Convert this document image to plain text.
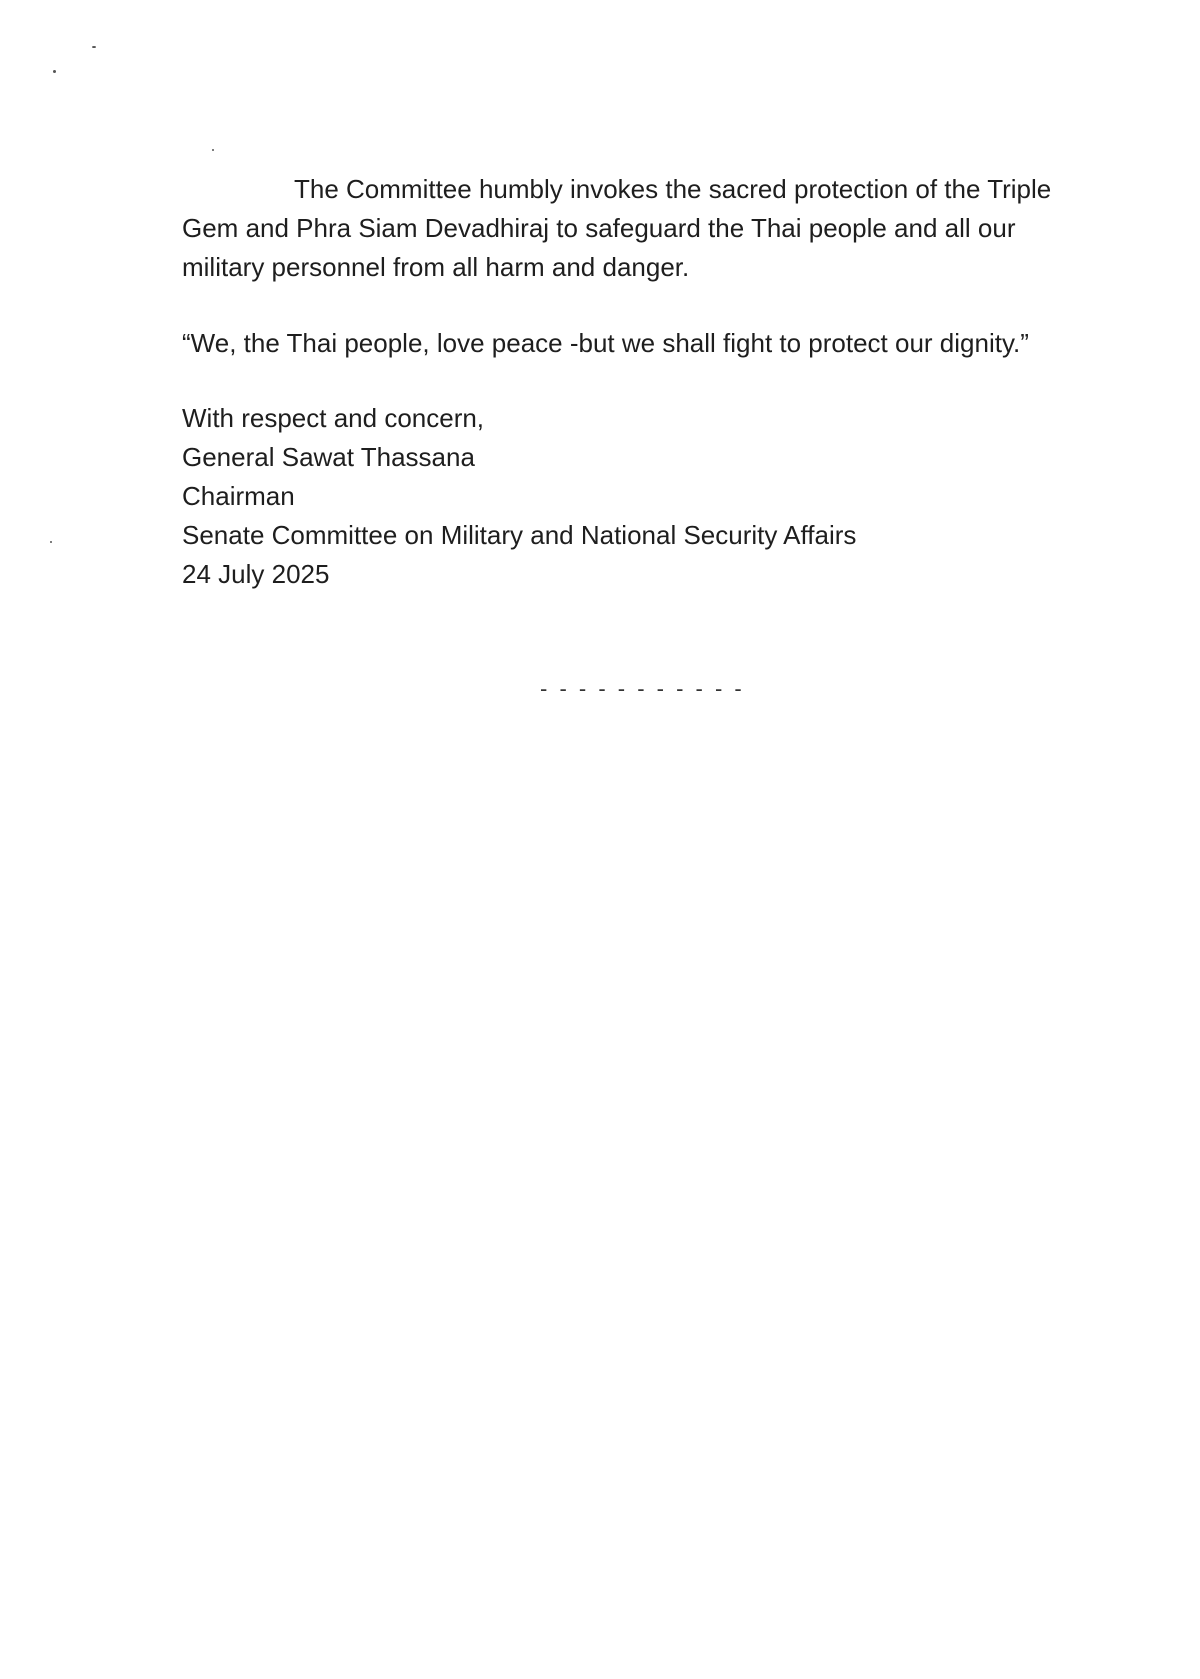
The Committee humbly invokes the sacred protection of the Triple Gem and Phra Siam Devadhiraj to safeguard the Thai people and all our military personnel from all harm and danger.

“We, the Thai people, love peace -but we shall fight to protect our dignity.”

With respect and concern,
General Sawat Thassana
Chairman
Senate Committee on Military and National Security Affairs
24 July 2025
- - - - - - - - - - -
